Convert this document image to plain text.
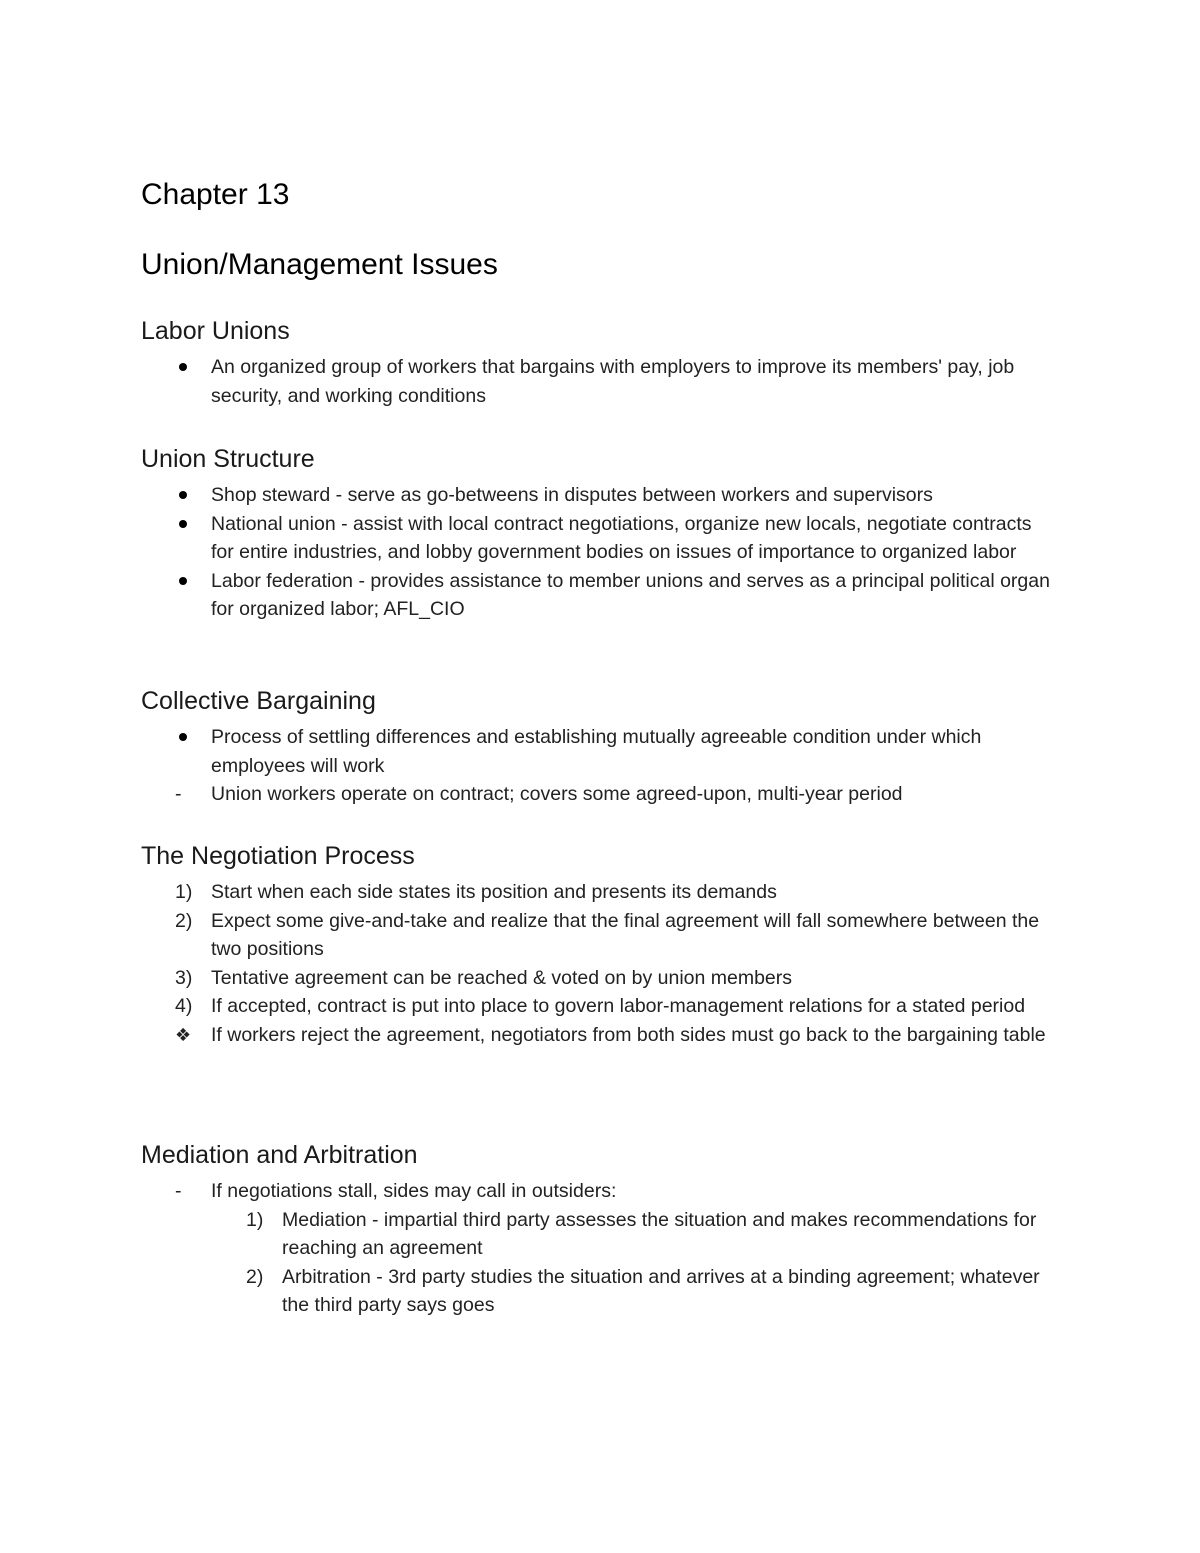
Chapter 13
Union/Management Issues
Labor Unions
An organized group of workers that bargains with employers to improve its members' pay, job security, and working conditions
Union Structure
Shop steward - serve as go-betweens in disputes between workers and supervisors
National union - assist with local contract negotiations, organize new locals, negotiate contracts for entire industries, and lobby government bodies on issues of importance to organized labor
Labor federation - provides assistance to member unions and serves as a principal political organ for organized labor; AFL_CIO
Collective Bargaining
Process of settling differences and establishing mutually agreeable condition under which employees will work
-	Union workers operate on contract; covers some agreed-upon, multi-year period
The Negotiation Process
1) Start when each side states its position and presents its demands
2) Expect some give-and-take and realize that the final agreement will fall somewhere between the two positions
3) Tentative agreement can be reached & voted on by union members
4) If accepted, contract is put into place to govern labor-management relations for a stated period
❖	If workers reject the agreement, negotiators from both sides must go back to the bargaining table
Mediation and Arbitration
-	If negotiations stall, sides may call in outsiders:
1) Mediation - impartial third party assesses the situation and makes recommendations for reaching an agreement
2) Arbitration - 3rd party studies the situation and arrives at a binding agreement; whatever the third party says goes
